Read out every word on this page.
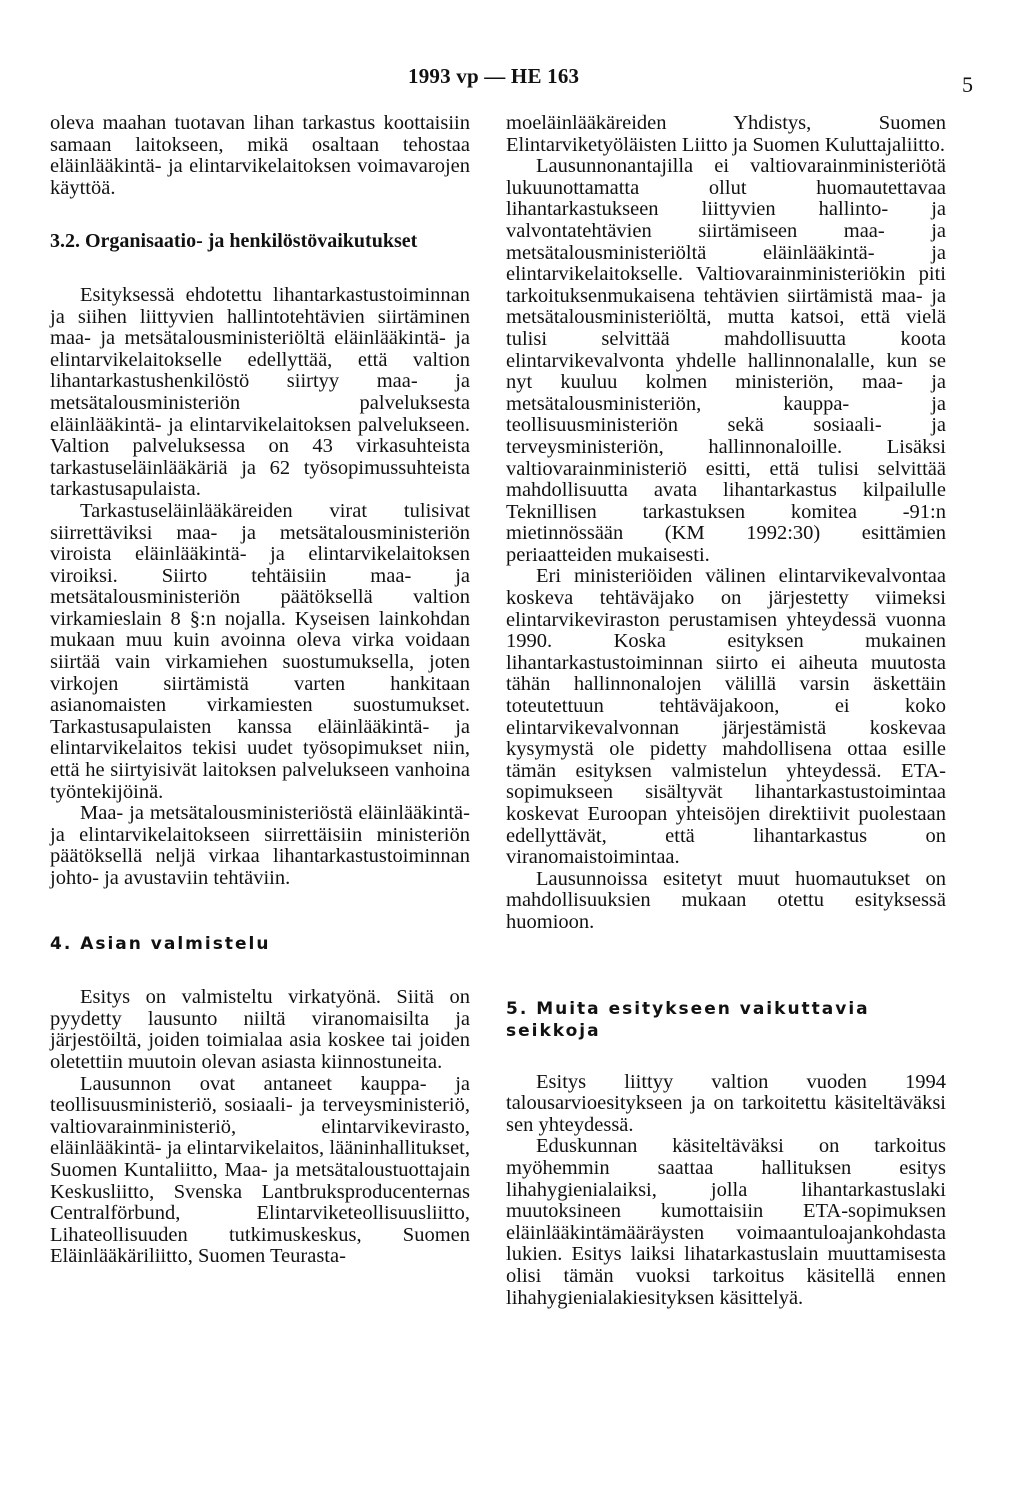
1993 vp — HE 163	5

oleva maahan tuotavan lihan tarkastus koottaisiin samaan laitokseen, mikä osaltaan tehostaa eläinlääkintä- ja elintarvikelaitoksen voimavarojen käyttöä.

3.2. Organisaatio- ja henkilöstövaikutukset

Esityksessä ehdotettu lihantarkastustoiminnan ja siihen liittyvien hallintotehtävien siirtäminen maa- ja metsätalousministeriöltä eläinlääkintä- ja elintarvikelaitokselle edellyttää, että valtion lihantarkastushenkilöstö siirtyy maa- ja metsätalousministeriön palveluksesta eläinlääkintä- ja elintarvikelaitoksen palvelukseen. Valtion palveluksessa on 43 virkasuhteista tarkastuseläinlääkäriä ja 62 työsopimussuhteista tarkastusapulaista.

Tarkastuseläinlääkäreiden virat tulisivat siirrettäviksi maa- ja metsätalousministeriön viroista eläinlääkintä- ja elintarvikelaitoksen viroiksi. Siirto tehtäisiin maa- ja metsätalousministeriön päätöksellä valtion virkamieslain 8 §:n nojalla. Kyseisen lainkohdan mukaan muu kuin avoinna oleva virka voidaan siirtää vain virkamiehen suostumuksella, joten virkojen siirtämistä varten hankitaan asianomaisten virkamiesten suostumukset. Tarkastusapulaisten kanssa eläinlääkintä- ja elintarvikelaitos tekisi uudet työsopimukset niin, että he siirtyisivät laitoksen palvelukseen vanhoina työntekijöinä.

Maa- ja metsätalousministeriöstä eläinlääkintä- ja elintarvikelaitokseen siirrettäisiin ministeriön päätöksellä neljä virkaa lihantarkastustoiminnan johto- ja avustaviin tehtäviin.

4. Asian valmistelu

Esitys on valmisteltu virkatyönä. Siitä on pyydetty lausunto niiltä viranomaisilta ja järjestöiltä, joiden toimialaa asia koskee tai joiden oletettiin muutoin olevan asiasta kiinnostuneita.

Lausunnon ovat antaneet kauppa- ja teollisuusministeriö, sosiaali- ja terveysministeriö, valtiovarainministeriö, elintarvikevirasto, eläinlääkintä- ja elintarvikelaitos, lääninhallitukset, Suomen Kuntaliitto, Maa- ja metsätaloustuottajain Keskusliitto, Svenska Lantbruksproducenternas Centralförbund, Elintarviketeollisuusliitto, Lihateollisuuden tutkimuskeskus, Suomen Eläinlääkäriliitto, Suomen Teurasta-

moeläinlääkäreiden Yhdistys, Suomen Elintarviketyöläisten Liitto ja Suomen Kuluttajaliitto.

Lausunnonantajilla ei valtiovarainministeriötä lukuunottamatta ollut huomautettavaa lihantarkastukseen liittyvien hallinto- ja valvontatehtävien siirtämiseen maa- ja metsätalousministeriöltä eläinlääkintä- ja elintarvikelaitokselle. Valtiovarainministeriökin piti tarkoituksenmukaisena tehtävien siirtämistä maa- ja metsätalousministeriöltä, mutta katsoi, että vielä tulisi selvittää mahdollisuutta koota elintarvikevalvonta yhdelle hallinnonalalle, kun se nyt kuuluu kolmen ministeriön, maa- ja metsätalousministeriön, kauppa- ja teollisuusministeriön sekä sosiaali- ja terveysministeriön, hallinnonaloille. Lisäksi valtiovarainministeriö esitti, että tulisi selvittää mahdollisuutta avata lihantarkastus kilpailulle Teknillisen tarkastuksen komitea -91:n mietinnössään (KM 1992:30) esittämien periaatteiden mukaisesti.

Eri ministeriöiden välinen elintarvikevalvontaa koskeva tehtäväjako on järjestetty viimeksi elintarvikeviraston perustamisen yhteydessä vuonna 1990. Koska esityksen mukainen lihantarkastustoiminnan siirto ei aiheuta muutosta tähän hallinnonalojen välillä varsin äskettäin toteutettuun tehtäväjakoon, ei koko elintarvikevalvonnan järjestämistä koskevaa kysymystä ole pidetty mahdollisena ottaa esille tämän esityksen valmistelun yhteydessä. ETA-sopimukseen sisältyvät lihantarkastustoimintaa koskevat Euroopan yhteisöjen direktiivit puolestaan edellyttävät, että lihantarkastus on viranomaistoimintaa.

Lausunnoissa esitetyt muut huomautukset on mahdollisuuksien mukaan otettu esityksessä huomioon.

5. Muita esitykseen vaikuttavia seikkoja

Esitys liittyy valtion vuoden 1994 talousarvioesitykseen ja on tarkoitettu käsiteltäväksi sen yhteydessä.

Eduskunnan käsiteltäväksi on tarkoitus myöhemmin saattaa hallituksen esitys lihahygienialaiksi, jolla lihantarkastuslaki muutoksineen kumottaisiin ETA-sopimuksen eläinlääkintämääräysten voimaantuloajankohdasta lukien. Esitys laiksi lihatarkastuslain muuttamisesta olisi tämän vuoksi tarkoitus käsitellä ennen lihahygienialakiesityksen käsittelyä.
